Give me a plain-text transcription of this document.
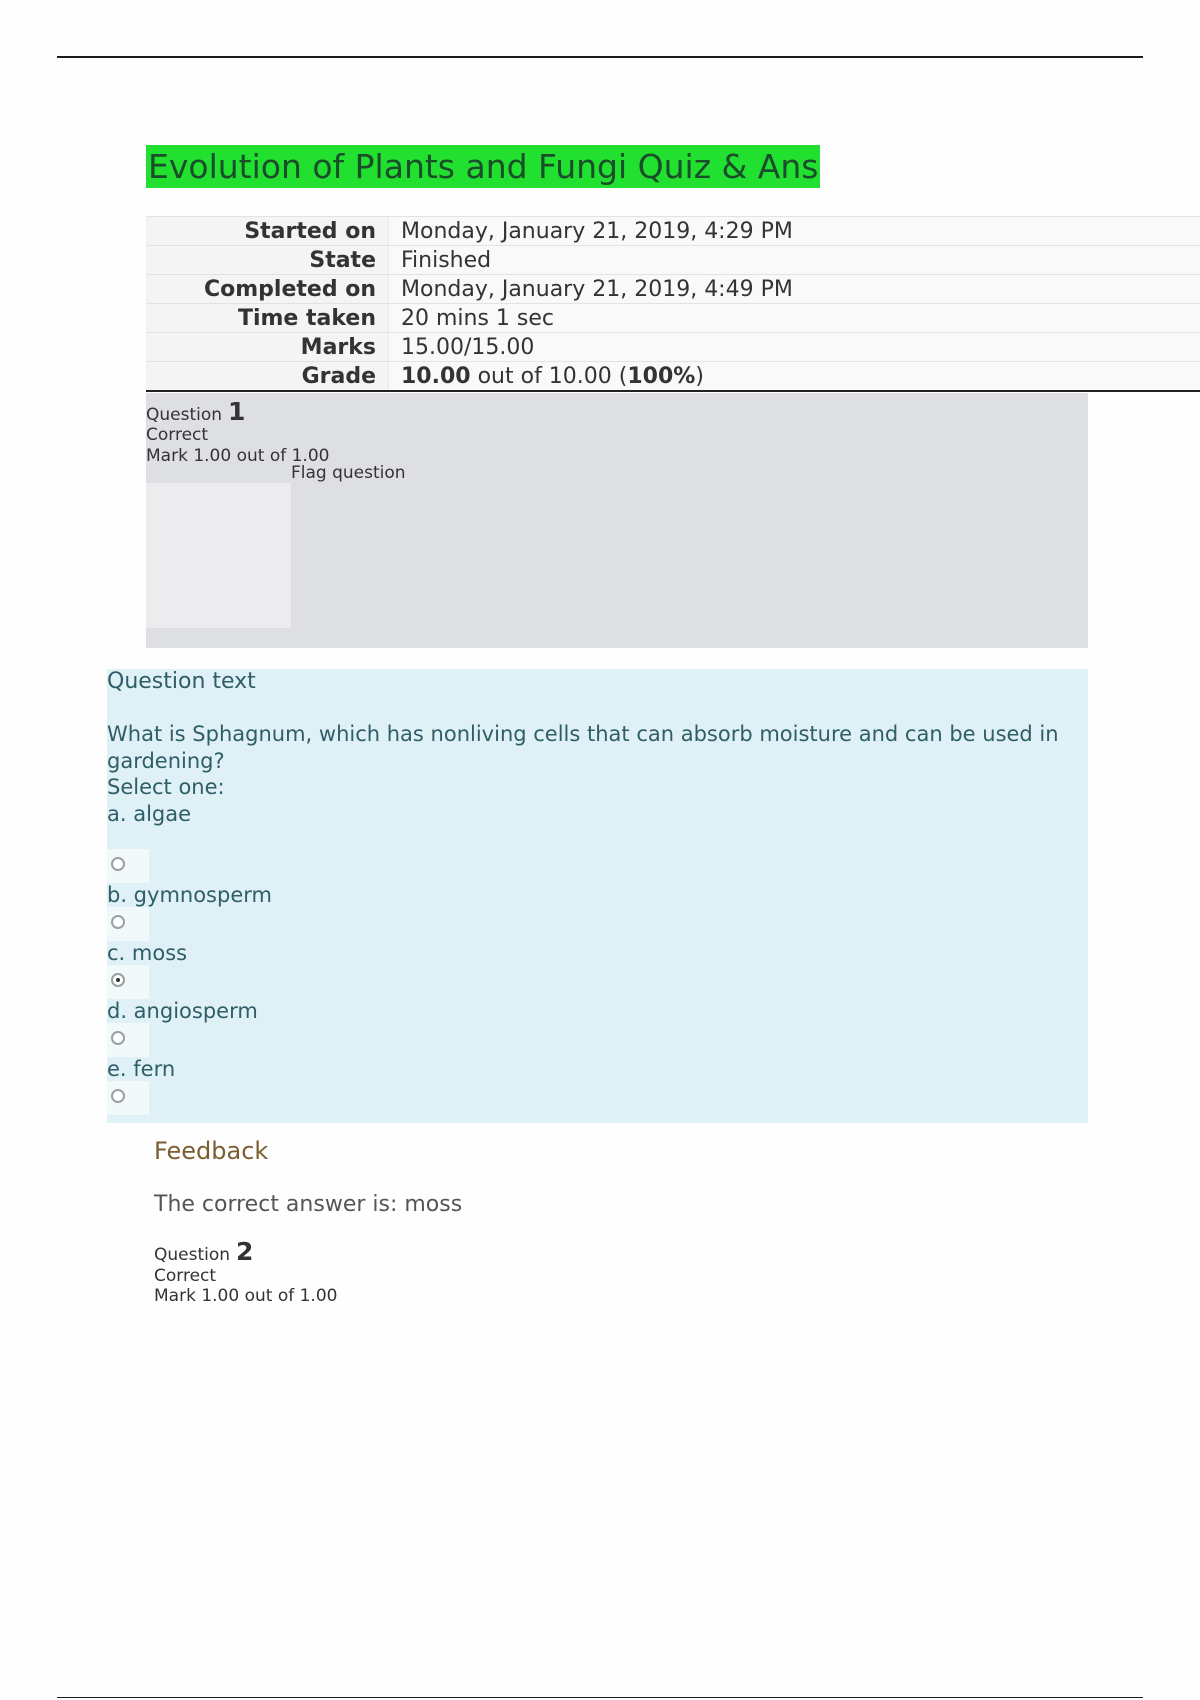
Evolution of Plants and Fungi Quiz & Ans
Started on	Monday, January 21, 2019, 4:29 PM
State	Finished
Completed on	Monday, January 21, 2019, 4:49 PM
Time taken	20 mins 1 sec
Marks	15.00/15.00
Grade	10.00 out of 10.00 (100%)
Question 1
Correct
Mark 1.00 out of 1.00
Flag question
Question text
What is Sphagnum, which has nonliving cells that can absorb moisture and can be used in gardening?
Select one:
a. algae
b. gymnosperm
c. moss
d. angiosperm
e. fern
Feedback
The correct answer is: moss
Question 2
Correct
Mark 1.00 out of 1.00
